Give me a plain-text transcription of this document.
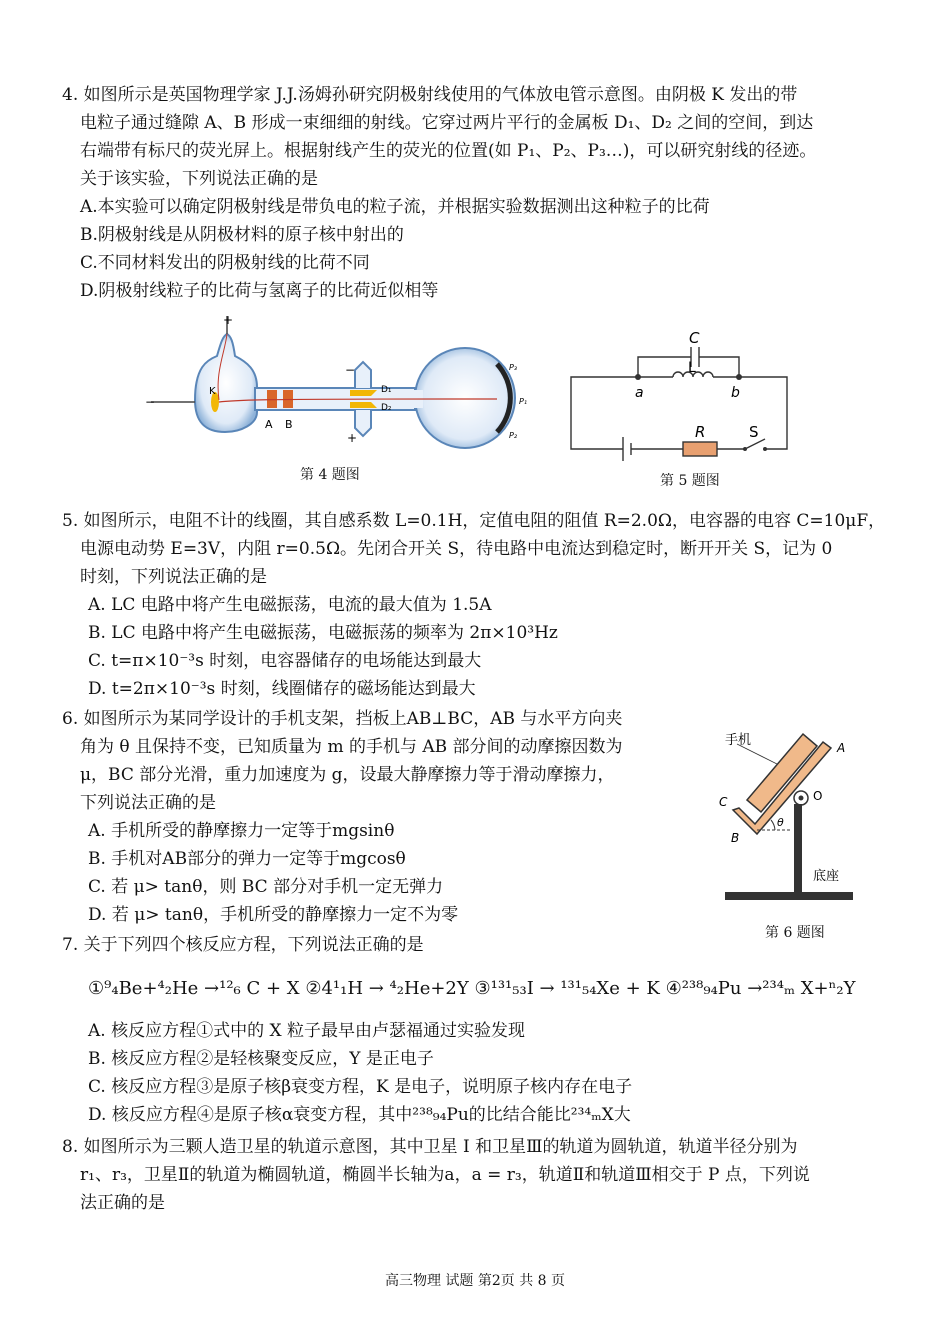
4. 如图所示是英国物理学家 J.J.汤姆孙研究阴极射线使用的气体放电管示意图。由阴极 K 发出的带
电粒子通过缝隙 A、B 形成一束细细的射线。它穿过两片平行的金属板 D₁、D₂ 之间的空间，到达
右端带有标尺的荧光屏上。根据射线产生的荧光的位置(如 P₁、P₂、P₃…)，可以研究射线的径迹。
关于该实验，下列说法正确的是
A.本实验可以确定阴极射线是带负电的粒子流，并根据实验数据测出这种粒子的比荷
B.阴极射线是从阴极材料的原子核中射出的
C.不同材料发出的阴极射线的比荷不同
D.阴极射线粒子的比荷与氢离子的比荷近似相等
+
−
K
A B
−
+
D₁
D₂
P₃
P₁
P₂
第 4 题图
C
L
a	b
R	S
第 5 题图
5. 如图所示，电阻不计的线圈，其自感系数 L=0.1H，定值电阻的阻值 R=2.0Ω，电容器的电容 C=10μF，
电源电动势 E=3V，内阻 r=0.5Ω。先闭合开关 S，待电路中电流达到稳定时，断开开关 S，记为 0
时刻，下列说法正确的是
A. LC 电路中将产生电磁振荡，电流的最大值为 1.5A
B. LC 电路中将产生电磁振荡，电磁振荡的频率为 2π×10³Hz
C. t=π×10⁻³s 时刻，电容器储存的电场能达到最大
D. t=2π×10⁻³s 时刻，线圈储存的磁场能达到最大
6. 如图所示为某同学设计的手机支架，挡板上AB⊥BC，AB 与水平方向夹
角为 θ 且保持不变，已知质量为 m 的手机与 AB 部分间的动摩擦因数为
μ，BC 部分光滑，重力加速度为 g，设最大静摩擦力等于滑动摩擦力，
下列说法正确的是
A. 手机所受的静摩擦力一定等于mgsinθ
B. 手机对AB部分的弹力一定等于mgcosθ
C. 若 μ> tanθ，则 BC 部分对手机一定无弹力
D. 若 μ> tanθ，手机所受的静摩擦力一定不为零
手机	A
B
C	O
θ
底座
第 6 题图
7. 关于下列四个核反应方程，下列说法正确的是
①⁹₄Be+⁴₂He →¹²₆ C + X ②4¹₁H → ⁴₂He+2Y ③¹³¹₅₃I → ¹³¹₅₄Xe + K ④²³⁸₉₄Pu →²³⁴ₘ X+ⁿ₂Y
A. 核反应方程①式中的 X 粒子最早由卢瑟福通过实验发现
B. 核反应方程②是轻核聚变反应，Y 是正电子
C. 核反应方程③是原子核β衰变方程，K 是电子，说明原子核内存在电子
D. 核反应方程④是原子核α衰变方程，其中²³⁸₉₄Pu的比结合能比²³⁴ₘX大
8. 如图所示为三颗人造卫星的轨道示意图，其中卫星 I 和卫星Ⅲ的轨道为圆轨道，轨道半径分别为
r₁、r₃，卫星Ⅱ的轨道为椭圆轨道，椭圆半长轴为a，a = r₃，轨道Ⅱ和轨道Ⅲ相交于 P 点，下列说
法正确的是
高三物理 试题 第2页 共 8 页
